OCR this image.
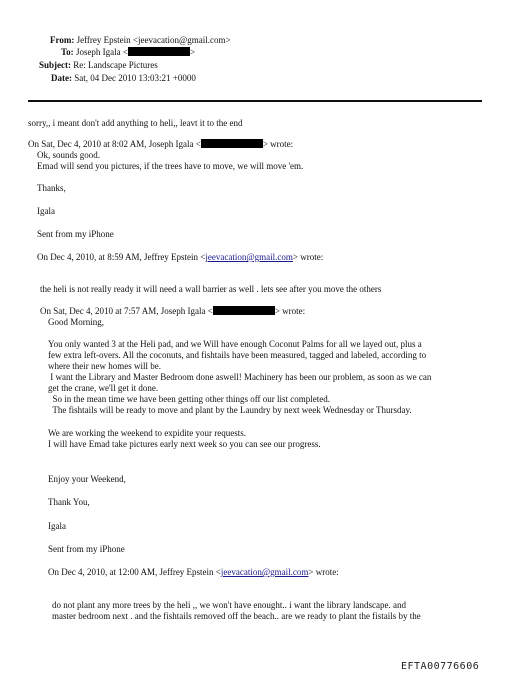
From: Jeffrey Epstein <jeevacation@gmail.com>
To: Joseph Igala <	>
Subject: Re: Landscape Pictures
Date: Sat, 04 Dec 2010 13:03:21 +0000
sorry,, i meant don't add anything to heli,, leavt it to the end
On Sat, Dec 4, 2010 at 8:02 AM, Joseph Igala <	> wrote:
Ok, sounds good.
Emad will send you pictures, if the trees have to move, we will move 'em.
Thanks,
Igala
Sent from my iPhone
On Dec 4, 2010, at 8:59 AM, Jeffrey Epstein <jeevacation@gmail.com> wrote:
the heli is not really ready it will need a wall barrier as well . lets see after you move the others
On Sat, Dec 4, 2010 at 7:57 AM, Joseph Igala <	> wrote:
Good Morning,
You only wanted 3 at the Heli pad, and we Will have enough Coconut Palms for all we layed out, plus a
few extra left-overs. All the coconuts, and fishtails have been measured, tagged and labeled, according to
where their new homes will be.
I want the Library and Master Bedroom done aswell! Machinery has been our problem, as soon as we can
get the crane, we'll get it done.
So in the mean time we have been getting other things off our list completed.
The fishtails will be ready to move and plant by the Laundry by next week Wednesday or Thursday.
We are working the weekend to expidite your requests.
I will have Emad take pictures early next week so you can see our progress.
Enjoy your Weekend,
Thank You,
Igala
Sent from my iPhone
On Dec 4, 2010, at 12:00 AM, Jeffrey Epstein <jeevacation@gmail.com> wrote:
do not plant any more trees by the heli ,, we won't have enought.. i want the library landscape. and
master bedroom next . and the fishtails removed off the beach.. are we ready to plant the fistails by the
EFTA00776606
